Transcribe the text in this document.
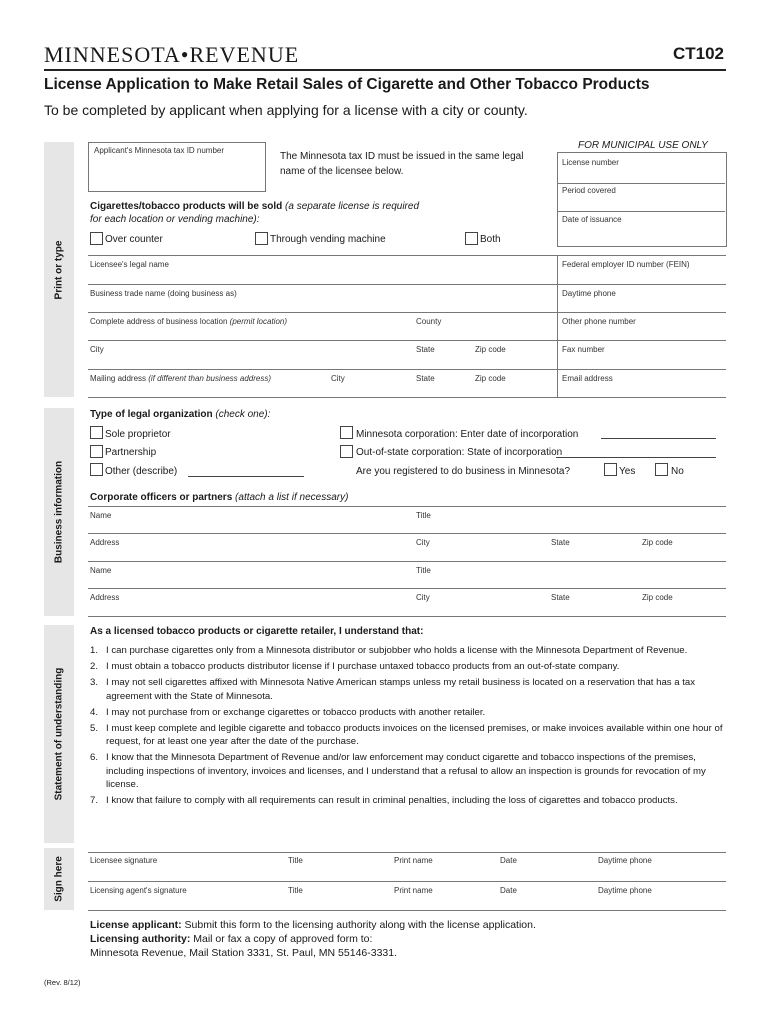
MINNESOTA•REVENUE	CT102
License Application to Make Retail Sales of Cigarette and Other Tobacco Products
To be completed by applicant when applying for a license with a city or county.
Print or type
Business information
Statement of understanding
Sign here
Applicant's Minnesota tax ID number
The Minnesota tax ID must be issued in the same legal name of the licensee below.
FOR MUNICIPAL USE ONLY
License number
Period covered
Date of issuance
Cigarettes/tobacco products will be sold (a separate license is required
for each location or vending machine):
Over counter	Through vending machine	Both
Licensee's legal name	Federal employer ID number (FEIN)
Business trade name (doing business as)	Daytime phone
Complete address of business location (permit location)	County	Other phone number
City	State	Zip code	Fax number
Mailing address (if different than business address)	City	State	Zip code	Email address
Type of legal organization (check one):
Sole proprietor
Partnership
Other (describe)
Minnesota corporation: Enter date of incorporation
Out-of-state corporation: State of incorporation
Are you registered to do business in Minnesota?	Yes	No
Corporate officers or partners (attach a list if necessary)
Name	Title
Address	City	State	Zip code
Name	Title
Address	City	State	Zip code
As a licensed tobacco products or cigarette retailer, I understand that:
1. I can purchase cigarettes only from a Minnesota distributor or subjobber who holds a license with the Minnesota Department of Revenue.
2. I must obtain a tobacco products distributor license if I purchase untaxed tobacco products from an out-of-state company.
3. I may not sell cigarettes affixed with Minnesota Native American stamps unless my retail business is located on a reservation that has a tax agreement with the State of Minnesota.
4. I may not purchase from or exchange cigarettes or tobacco products with another retailer.
5. I must keep complete and legible cigarette and tobacco products invoices on the licensed premises, or make invoices available within one hour of request, for at least one year after the date of the purchase.
6. I know that the Minnesota Department of Revenue and/or law enforcement may conduct cigarette and tobacco inspections of the premises, including inspections of inventory, invoices and licenses, and I understand that a refusal to allow an inspection is grounds for revocation of my license.
7. I know that failure to comply with all requirements can result in criminal penalties, including the loss of cigarettes and tobacco products.
Licensee signature	Title	Print name	Date	Daytime phone
Licensing agent's signature	Title	Print name	Date	Daytime phone
License applicant: Submit this form to the licensing authority along with the license application.
Licensing authority: Mail or fax a copy of approved form to:
Minnesota Revenue, Mail Station 3331, St. Paul, MN 55146-3331.
(Rev. 8/12)
